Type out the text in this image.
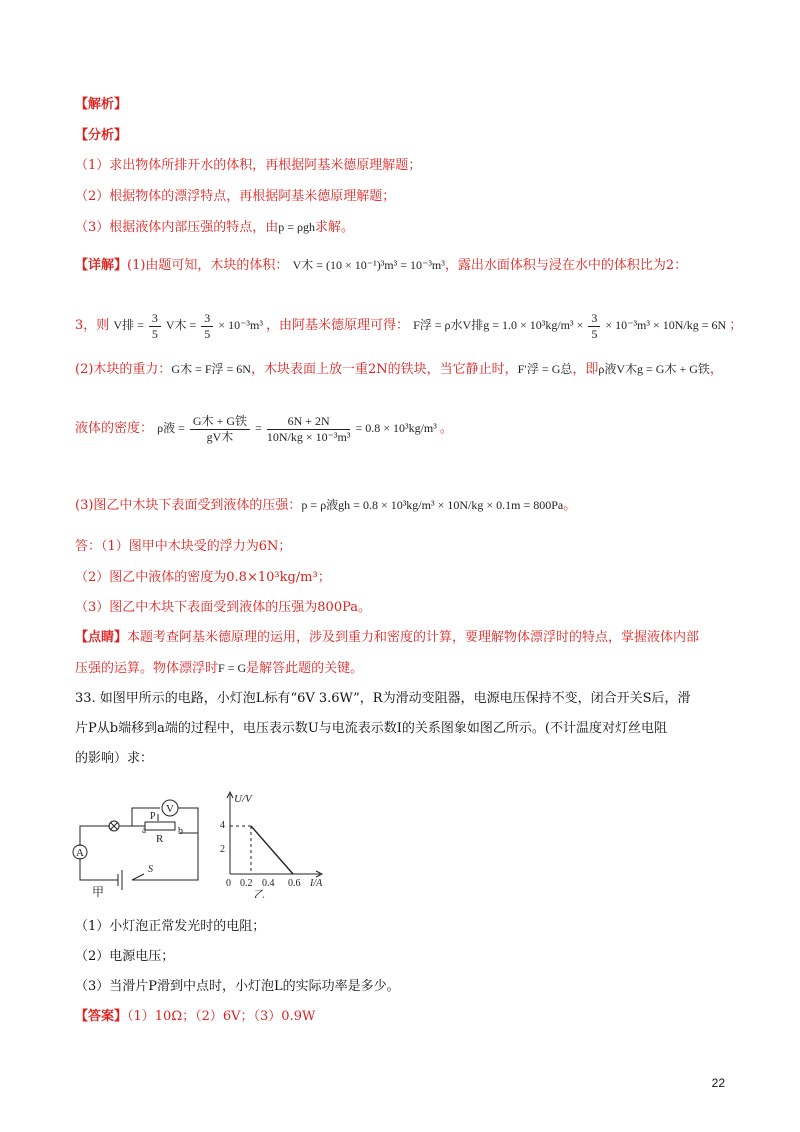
【解析】
【分析】
（1）求出物体所排开水的体积，再根据阿基米德原理解题；
（2）根据物体的漂浮特点，再根据阿基米德原理解题；
（3）根据液体内部压强的特点，由p = ρgh求解。
【详解】(1)由题可知，木块的体积： V木 = (10 × 10⁻¹)³m³ = 10⁻³m³，露出水面体积与浸在水中的体积比为2：
3，则 V排 = $\frac{3}{5}$ V木 = $\frac{3}{5} \times 10^{-3}m^3$ ，由阿基米德原理可得： F浮 = ρ水V排$g = 1.0 \times 10^3kg/m^3 \times \frac{3}{5} \times 10^{-3}m^3 \times 10N/kg = 6N$ ；
(2)木块的重力：G木 = F浮 = 6N，木块表面上放一重2N的铁块，当它静止时，F′浮 = G总，即ρ液V木g = G木 + G铁，
液体的密度： ρ液 = $\frac{\text{G木 + G铁}}{\text{gV木}} = \frac{6N + 2N}{\text{10N/kg × 10⁻³m³}} = 0.8 \times 10^3kg/m^3$ 。
(3)图乙中木块下表面受到液体的压强：p = ρ液gh = 0.8 × 10³kg/m³ × 10N/kg × 0.1m = 800Pa。
答：（1）图甲中木块受的浮力为6N；
（2）图乙中液体的密度为0.8×10³kg/m³；
（3）图乙中木块下表面受到液体的压强为800Pa。
【点睛】本题考查阿基米德原理的运用，涉及到重力和密度的计算，要理解物体漂浮时的特点，掌握液体内部
压强的运算。物体漂浮时F = G是解答此题的关键。
33. 如图甲所示的电路，小灯泡L标有“6V 3.6W”，R为滑动变阻器，电源电压保持不变，闭合开关S后，滑
片P从b端移到a端的过程中，电压表示数U与电流表示数I的关系图象如图乙所示。(不计温度对灯丝电阻
的影响）求：
V
A
P
R
a	b
S
甲
U/V
I/A
0 0.2 0.4 0.6
4
2
乙
（1）小灯泡正常发光时的电阻；
（2）电源电压；
（3）当滑片P滑到中点时，小灯泡L的实际功率是多少。
【答案】（1）10Ω；（2）6V；（3）0.9W
22
